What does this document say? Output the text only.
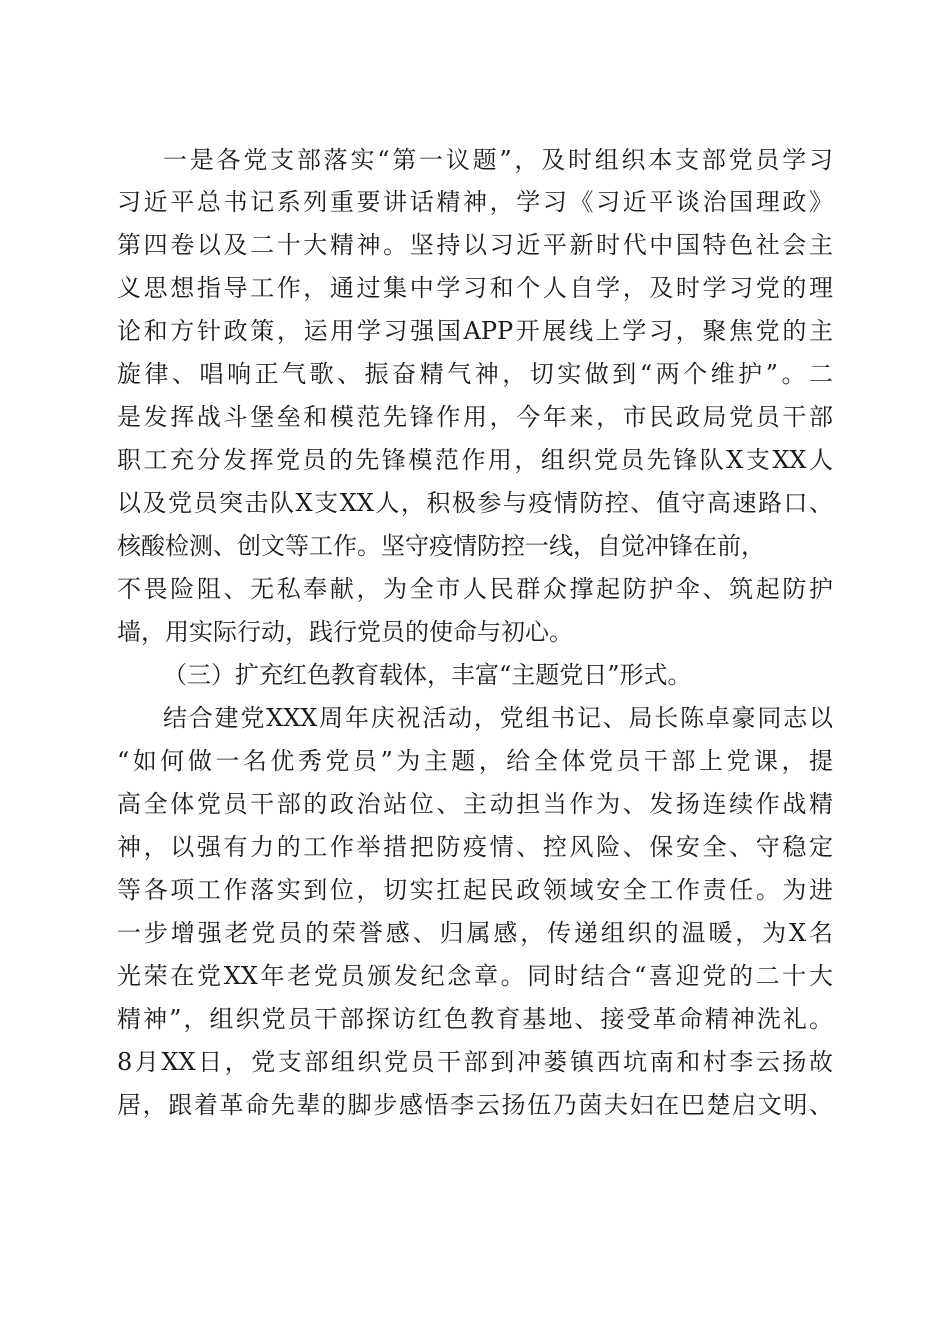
一是各党支部落实“第一议题”，及时组织本支部党员学习

习近平总书记系列重要讲话精神，学习《习近平谈治国理政》

第四卷以及二十大精神。坚持以习近平新时代中国特色社会主

义思想指导工作，通过集中学习和个人自学，及时学习党的理

论和方针政策，运用学习强国APP开展线上学习，聚焦党的主

旋律、唱响正气歌、振奋精气神，切实做到“两个维护”。二

是发挥战斗堡垒和模范先锋作用，今年来，市民政局党员干部

职工充分发挥党员的先锋模范作用，组织党员先锋队X支XX人

以及党员突击队X支XX人，积极参与疫情防控、值守高速路口、

核酸检测、创文等工作。坚守疫情防控一线，自觉冲锋在前，

不畏险阻、无私奉献，为全市人民群众撑起防护伞、筑起防护

墙，用实际行动，践行党员的使命与初心。

（三）扩充红色教育载体，丰富“主题党日”形式。

结合建党XXX周年庆祝活动，党组书记、局长陈卓豪同志以

“如何做一名优秀党员”为主题，给全体党员干部上党课，提

高全体党员干部的政治站位、主动担当作为、发扬连续作战精

神，以强有力的工作举措把防疫情、控风险、保安全、守稳定

等各项工作落实到位，切实扛起民政领域安全工作责任。为进

一步增强老党员的荣誉感、归属感，传递组织的温暖，为X名

光荣在党XX年老党员颁发纪念章。同时结合“喜迎党的二十大

精神”，组织党员干部探访红色教育基地、接受革命精神洗礼。

8月XX日，党支部组织党员干部到冲蒌镇西坑南和村李云扬故

居，跟着革命先辈的脚步感悟李云扬伍乃茵夫妇在巴楚启文明、
